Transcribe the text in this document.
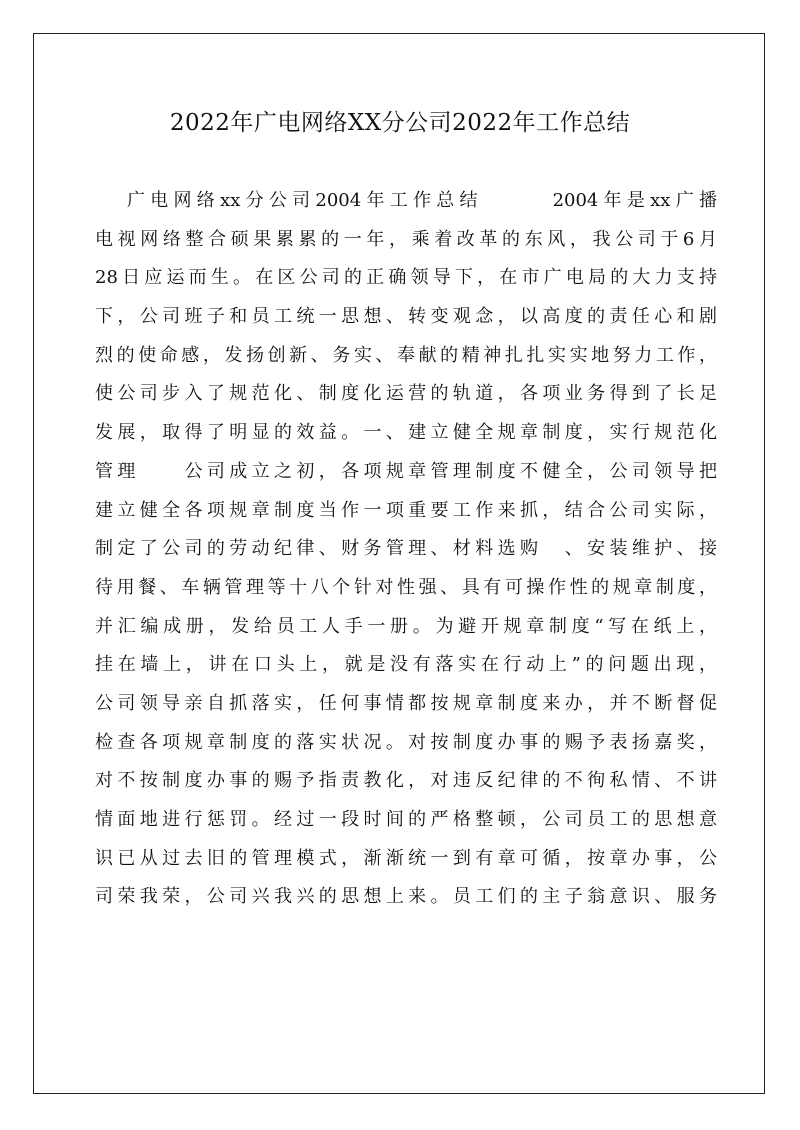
2022年广电网络XX分公司2022年工作总结
广电网络xx分公司2004年工作总结　　　2004年是xx广播
电视网络整合硕果累累的一年，乘着改革的东风，我公司于6月
28日应运而生。在区公司的正确领导下，在市广电局的大力支持
下，公司班子和员工统一思想、转变观念，以高度的责任心和剧
烈的使命感，发扬创新、务实、奉献的精神扎扎实实地努力工作，
使公司步入了规范化、制度化运营的轨道，各项业务得到了长足
发展，取得了明显的效益。一、建立健全规章制度，实行规范化
管理　　公司成立之初，各项规章管理制度不健全，公司领导把
建立健全各项规章制度当作一项重要工作来抓，结合公司实际，
制定了公司的劳动纪律、财务管理、材料选购　、安装维护、接
待用餐、车辆管理等十八个针对性强、具有可操作性的规章制度，
并汇编成册，发给员工人手一册。为避开规章制度“写在纸上，
挂在墙上，讲在口头上，就是没有落实在行动上”的问题出现，
公司领导亲自抓落实，任何事情都按规章制度来办，并不断督促
检查各项规章制度的落实状况。对按制度办事的赐予表扬嘉奖，
对不按制度办事的赐予指责教化，对违反纪律的不徇私情、不讲
情面地进行惩罚。经过一段时间的严格整顿，公司员工的思想意
识已从过去旧的管理模式，渐渐统一到有章可循，按章办事，公
司荣我荣，公司兴我兴的思想上来。员工们的主子翁意识、服务
